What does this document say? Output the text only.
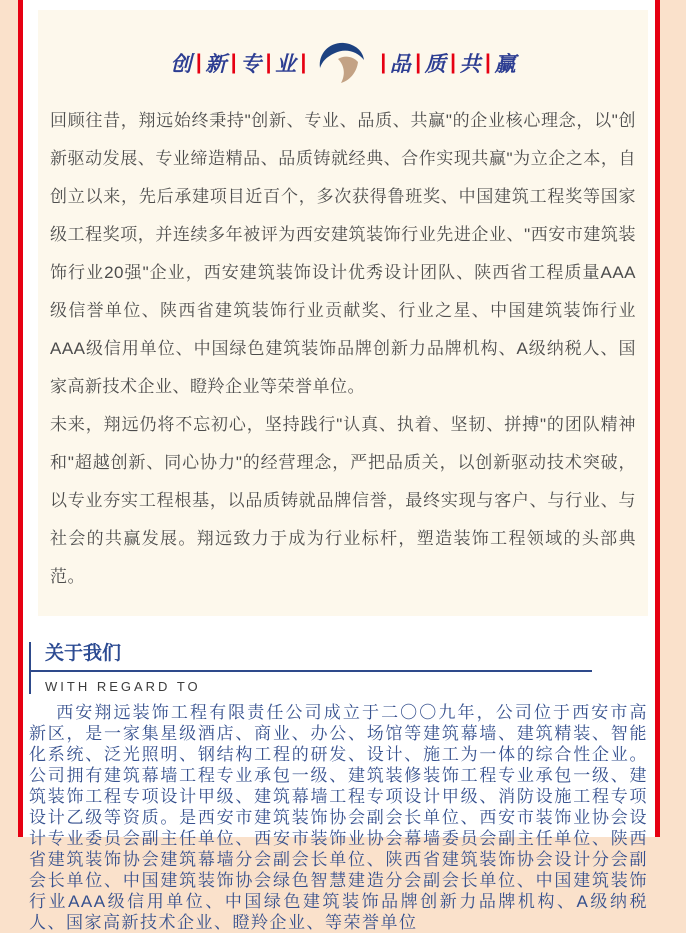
创 | 新 | 专 | 业 |	| 品 | 质 | 共 | 赢

回顾往昔，翔远始终秉持"创新、专业、品质、共赢"的企业核心理念，以"创新驱动发展、专业缔造精品、品质铸就经典、合作实现共赢"为立企之本，自创立以来，先后承建项目近百个，多次获得鲁班奖、中国建筑工程奖等国家级工程奖项，并连续多年被评为西安建筑装饰行业先进企业、"西安市建筑装饰行业20强"企业，西安建筑装饰设计优秀设计团队、陕西省工程质量AAA级信誉单位、陕西省建筑装饰行业贡献奖、行业之星、中国建筑装饰行业AAA级信用单位、中国绿色建筑装饰品牌创新力品牌机构、A级纳税人、国家高新技术企业、瞪羚企业等荣誉单位。

未来，翔远仍将不忘初心，坚持践行"认真、执着、坚韧、拼搏"的团队精神和"超越创新、同心协力"的经营理念，严把品质关，以创新驱动技术突破，以专业夯实工程根基，以品质铸就品牌信誉，最终实现与客户、与行业、与社会的共赢发展。翔远致力于成为行业标杆，塑造装饰工程领域的头部典范。

关于我们
WITH REGARD TO

西安翔远装饰工程有限责任公司成立于二〇〇九年，公司位于西安市高新区，是一家集星级酒店、商业、办公、场馆等建筑幕墙、建筑精装、智能化系统、泛光照明、钢结构工程的研发、设计、施工为一体的综合性企业。公司拥有建筑幕墙工程专业承包一级、建筑装修装饰工程专业承包一级、建筑装饰工程专项设计甲级、建筑幕墙工程专项设计甲级、消防设施工程专项设计乙级等资质。是西安市建筑装饰协会副会长单位、西安市装饰业协会设计专业委员会副主任单位、西安市装饰业协会幕墙委员会副主任单位、陕西省建筑装饰协会建筑幕墙分会副会长单位、陕西省建筑装饰协会设计分会副会长单位、中国建筑装饰协会绿色智慧建造分会副会长单位、中国建筑装饰行业AAA级信用单位、中国绿色建筑装饰品牌创新力品牌机构、A级纳税人、国家高新技术企业、瞪羚企业、等荣誉单位
